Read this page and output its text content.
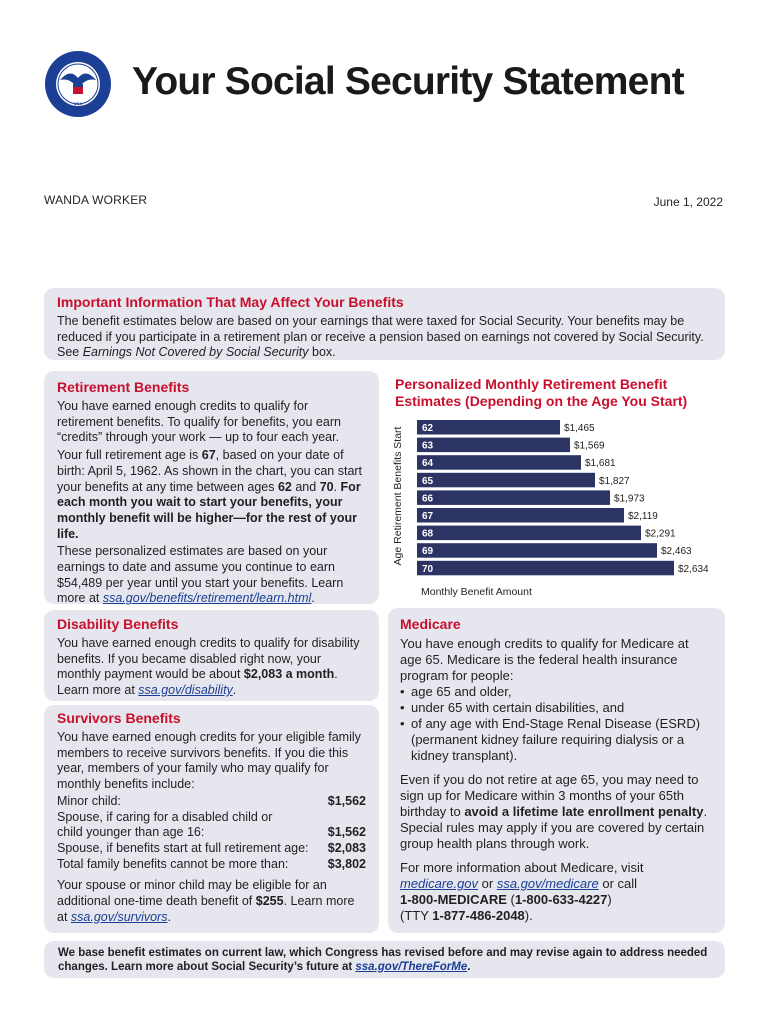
USA
Your Social Security Statement
WANDA WORKER	June 1, 2022
Important Information That May Affect Your Benefits

The benefit estimates below are based on your earnings that were taxed for Social Security. Your benefits may be reduced if you participate in a retirement plan or receive a pension based on earnings not covered by Social Security. See Earnings Not Covered by Social Security box.

Retirement Benefits

You have earned enough credits to qualify for retirement benefits. To qualify for benefits, you earn “credits” through your work — up to four each year.

Your full retirement age is 67, based on your date of birth: April 5, 1962. As shown in the chart, you can start your benefits at any time between ages 62 and 70. For each month you wait to start your benefits, your monthly benefit will be higher—for the rest of your life.

These personalized estimates are based on your earnings to date and assume you continue to earn $54,489 per year until you start your benefits. Learn more at ssa.gov/benefits/retirement/learn.html.

Personalized Monthly Retirement Benefit Estimates (Depending on the Age You Start)
Age Retirement Benefits Start 62	$1,465
63	$1,569
64	$1,681
65	$1,827
66	$1,973
67	$2,119
68	$2,291
69	$2,463
70	$2,634
Monthly Benefit Amount
Disability Benefits

You have earned enough credits to qualify for disability benefits. If you became disabled right now, your monthly payment would be about $2,083 a month. Learn more at ssa.gov/disability.

Survivors Benefits

You have earned enough credits for your eligible family members to receive survivors benefits. If you die this year, members of your family who may qualify for monthly benefits include:

Minor child:	$1,562
Spouse, if caring for a disabled child or child younger than age 16:	$1,562
Spouse, if benefits start at full retirement age: $2,083
Total family benefits cannot be more than:	$3,802

Your spouse or minor child may be eligible for an additional one-time death benefit of $255. Learn more at ssa.gov/survivors.

Medicare

You have enough credits to qualify for Medicare at age 65. Medicare is the federal health insurance program for people:

• age 65 and older,
• under 65 with certain disabilities, and
• of any age with End-Stage Renal Disease (ESRD) (permanent kidney failure requiring dialysis or a kidney transplant).

Even if you do not retire at age 65, you may need to sign up for Medicare within 3 months of your 65th birthday to avoid a lifetime late enrollment penalty. Special rules may apply if you are covered by certain group health plans through work.

For more information about Medicare, visit medicare.gov or ssa.gov/medicare or call
1-800-MEDICARE (1-800-633-4227)
(TTY 1-877-486-2048).

We base benefit estimates on current law, which Congress has revised before and may revise again to address needed changes. Learn more about Social Security’s future at ssa.gov/ThereForMe.
